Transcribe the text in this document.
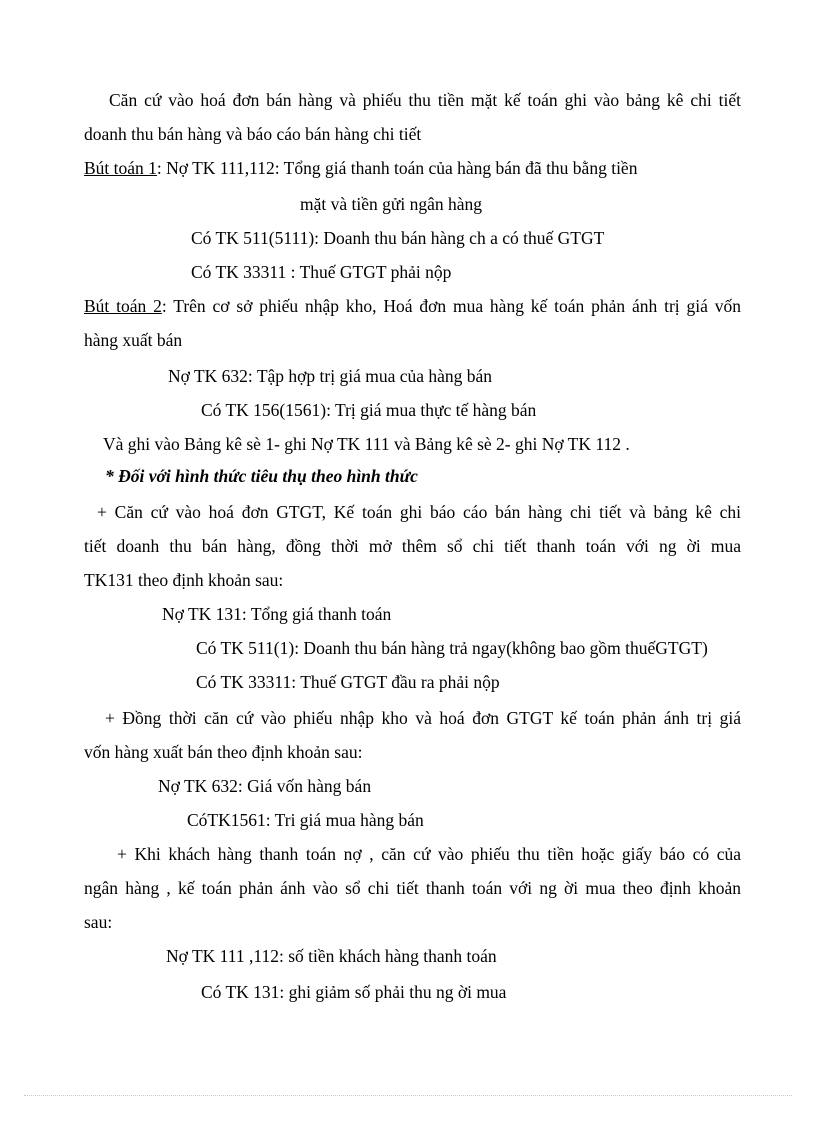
Căn cứ vào hoá đơn bán hàng và phiếu thu tiền mặt kế toán ghi vào bảng kê chi tiết
doanh thu bán hàng và báo cáo bán hàng chi tiết
Bút toán 1: Nợ TK 111,112: Tổng giá thanh toán của hàng bán đã thu bằng tiền
mặt và tiền gửi ngân hàng
Có TK 511(5111): Doanh thu bán hàng ch a có thuế GTGT
Có TK 33311 : Thuế GTGT phải nộp
Bút toán 2: Trên cơ sở phiếu nhập kho, Hoá đơn mua hàng kế toán phản ánh trị giá vốn
hàng xuất bán
Nợ TK 632: Tập hợp trị giá mua của hàng bán
Có TK 156(1561): Trị giá mua thực tế hàng bán
Và ghi vào Bảng kê sè 1- ghi Nợ TK 111 và Bảng kê sè 2- ghi Nợ TK 112 .
* Đối với hình thức tiêu thụ theo hình thức
+ Căn cứ vào hoá đơn GTGT, Kế toán ghi báo cáo bán hàng chi tiết và bảng kê chi
tiết doanh thu bán hàng, đồng thời mở thêm sổ chi tiết thanh toán với ng ời mua
TK131 theo định khoản sau:
Nợ TK 131: Tổng giá thanh toán
Có TK 511(1): Doanh thu bán hàng trả ngay(không bao gồm thuếGTGT)
Có TK 33311: Thuế GTGT đầu ra phải nộp
+ Đồng thời căn cứ vào phiếu nhập kho và hoá đơn GTGT kế toán phản ánh trị giá
vốn hàng xuất bán theo định khoản sau:
Nợ TK 632: Giá vốn hàng bán
CóTK1561: Tri giá mua hàng bán
+ Khi khách hàng thanh toán nợ , căn cứ vào phiếu thu tiền hoặc giấy báo có của
ngân hàng , kế toán phản ánh vào sổ chi tiết thanh toán với ng ời mua theo định khoản
sau:
Nợ TK 111 ,112: số tiền khách hàng thanh toán
Có TK 131: ghi giảm số phải thu ng ời mua
